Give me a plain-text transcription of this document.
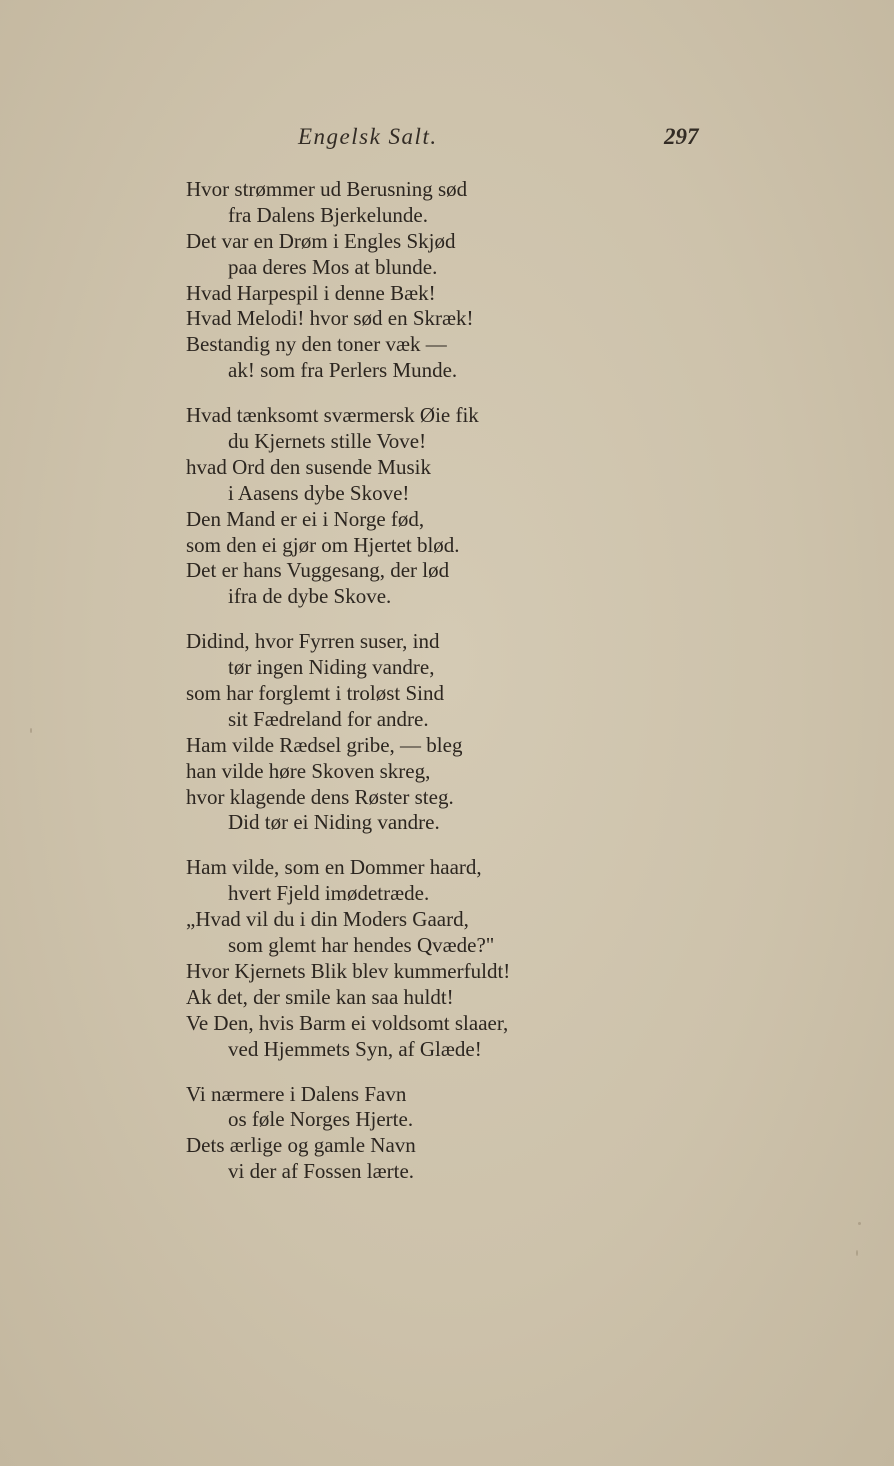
Engelsk Salt.	297
Hvor strømmer ud Berusning sød
fra Dalens Bjerkelunde.
Det var en Drøm i Engles Skjød
paa deres Mos at blunde.
Hvad Harpespil i denne Bæk!
Hvad Melodi! hvor sød en Skræk!
Bestandig ny den toner væk —
ak! som fra Perlers Munde.
Hvad tænksomt sværmersk Øie fik
du Kjernets stille Vove!
hvad Ord den susende Musik
i Aasens dybe Skove!
Den Mand er ei i Norge fød,
som den ei gjør om Hjertet blød.
Det er hans Vuggesang, der lød
ifra de dybe Skove.
Didind, hvor Fyrren suser, ind
tør ingen Niding vandre,
som har forglemt i troløst Sind
sit Fædreland for andre.
Ham vilde Rædsel gribe, — bleg
han vilde høre Skoven skreg,
hvor klagende dens Røster steg.
Did tør ei Niding vandre.
Ham vilde, som en Dommer haard,
hvert Fjeld imødetræde.
„Hvad vil du i din Moders Gaard,
som glemt har hendes Qvæde?"
Hvor Kjernets Blik blev kummerfuldt!
Ak det, der smile kan saa huldt!
Ve Den, hvis Barm ei voldsomt slaaer,
ved Hjemmets Syn, af Glæde!
Vi nærmere i Dalens Favn
os føle Norges Hjerte.
Dets ærlige og gamle Navn
vi der af Fossen lærte.
